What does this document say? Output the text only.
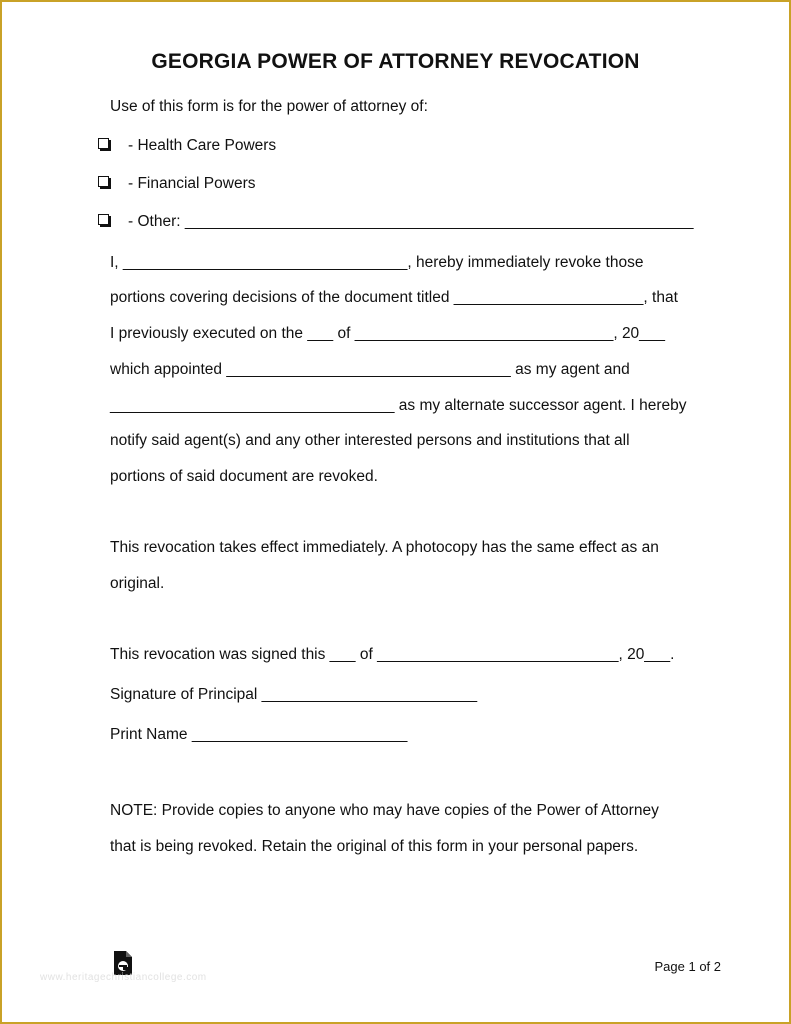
GEORGIA POWER OF ATTORNEY REVOCATION
Use of this form is for the power of attorney of:
- Health Care Powers
- Financial Powers
- Other: ___________________________________________________________
I, _________________________________, hereby immediately revoke those
portions covering decisions of the document titled ______________________, that
I previously executed on the ___ of ______________________________, 20___
which appointed _________________________________ as my agent and
_________________________________ as my alternate successor agent. I hereby
notify said agent(s) and any other interested persons and institutions that all
portions of said document are revoked.
This revocation takes effect immediately. A photocopy has the same effect as an
original.
This revocation was signed this ___ of ____________________________, 20___.
Signature of Principal _________________________
Print Name _________________________
NOTE: Provide copies to anyone who may have copies of the Power of Attorney
that is being revoked. Retain the original of this form in your personal papers.
www.heritagechristiancollege.com
Page 1 of 2
